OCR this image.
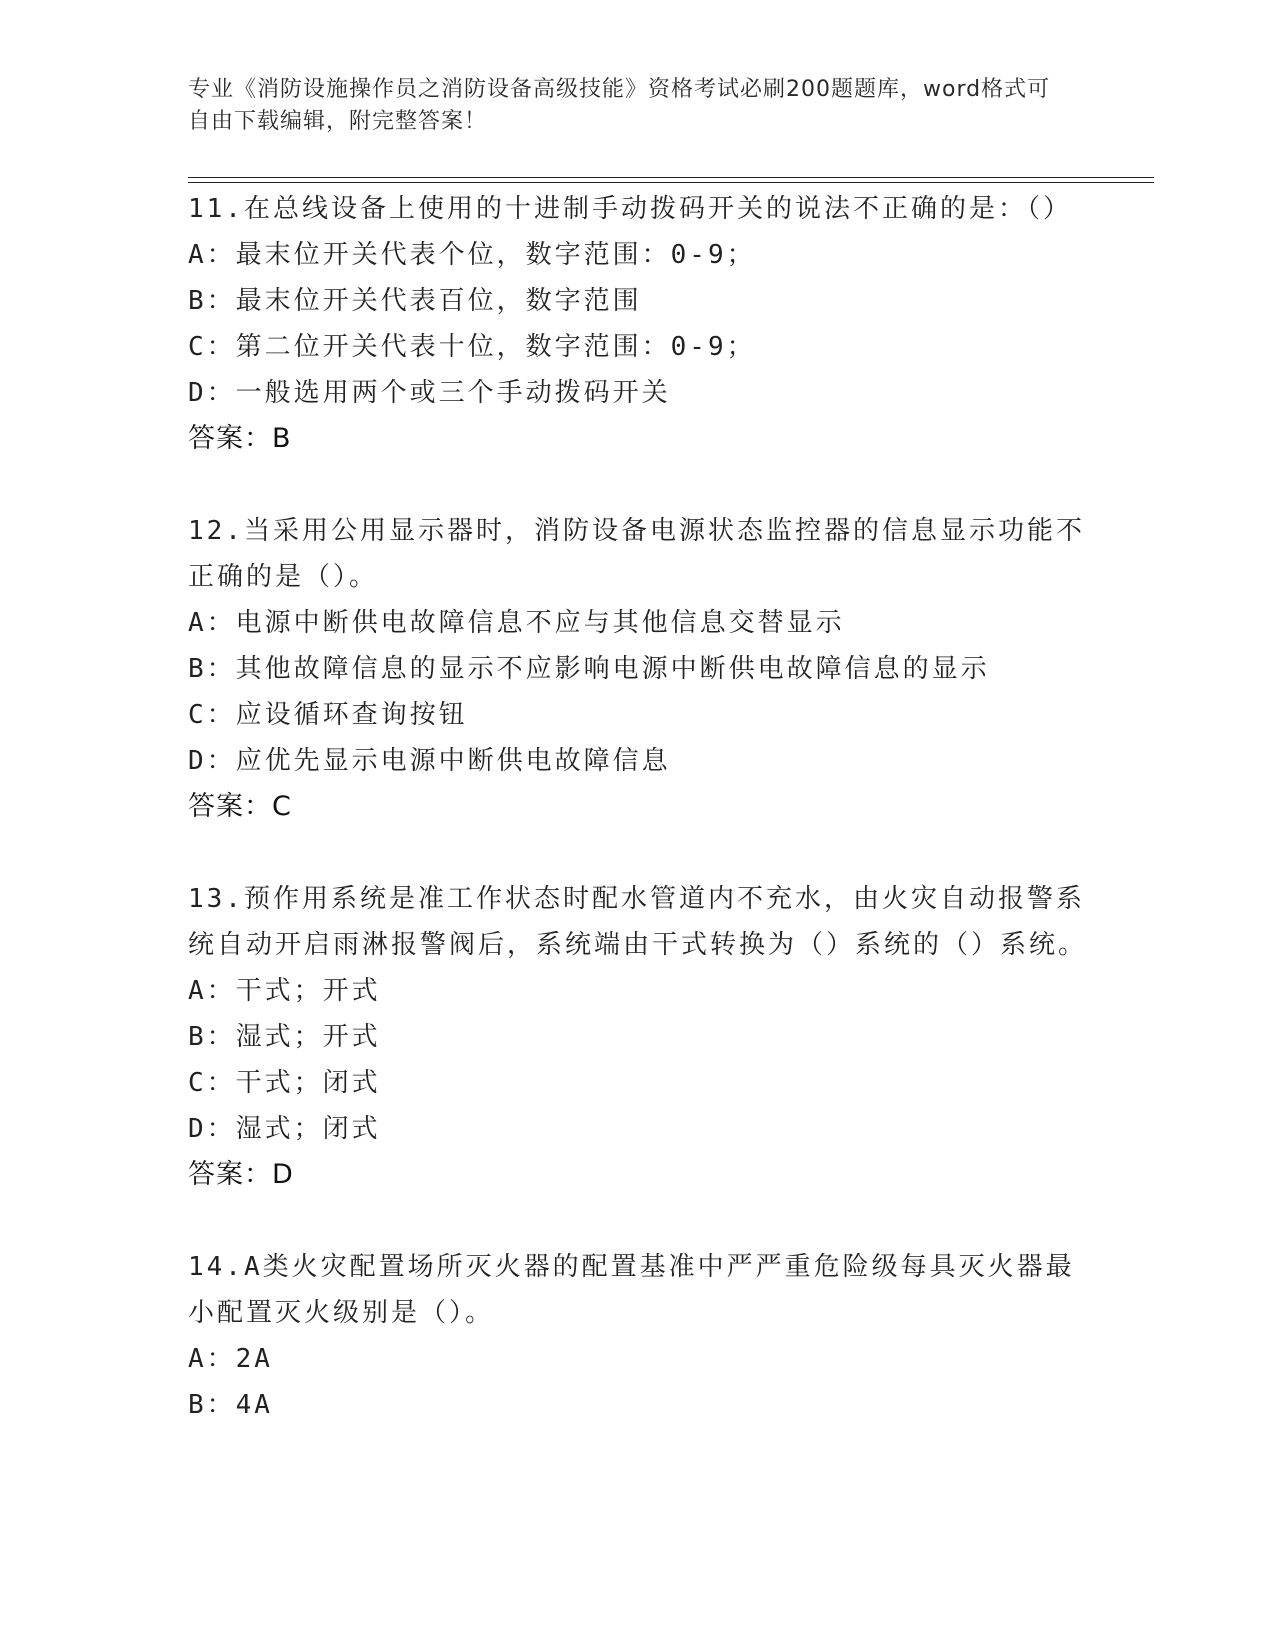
专业《消防设施操作员之消防设备高级技能》资格考试必刷200题题库，word格式可自由下载编辑，附完整答案！
11.在总线设备上使用的十进制手动拨码开关的说法不正确的是：（）
A：最末位开关代表个位，数字范围：0-9；
B：最末位开关代表百位，数字范围
C：第二位开关代表十位，数字范围：0-9；
D：一般选用两个或三个手动拨码开关
答案：B
12.当采用公用显示器时，消防设备电源状态监控器的信息显示功能不正确的是（）。
A：电源中断供电故障信息不应与其他信息交替显示
B：其他故障信息的显示不应影响电源中断供电故障信息的显示
C：应设循环查询按钮
D：应优先显示电源中断供电故障信息
答案：C
13.预作用系统是准工作状态时配水管道内不充水，由火灾自动报警系统自动开启雨淋报警阀后，系统端由干式转换为（）系统的（）系统。
A：干式；开式
B：湿式；开式
C：干式；闭式
D：湿式；闭式
答案：D
14.A类火灾配置场所灭火器的配置基准中严严重危险级每具灭火器最小配置灭火级别是（）。
A：2A
B：4A
